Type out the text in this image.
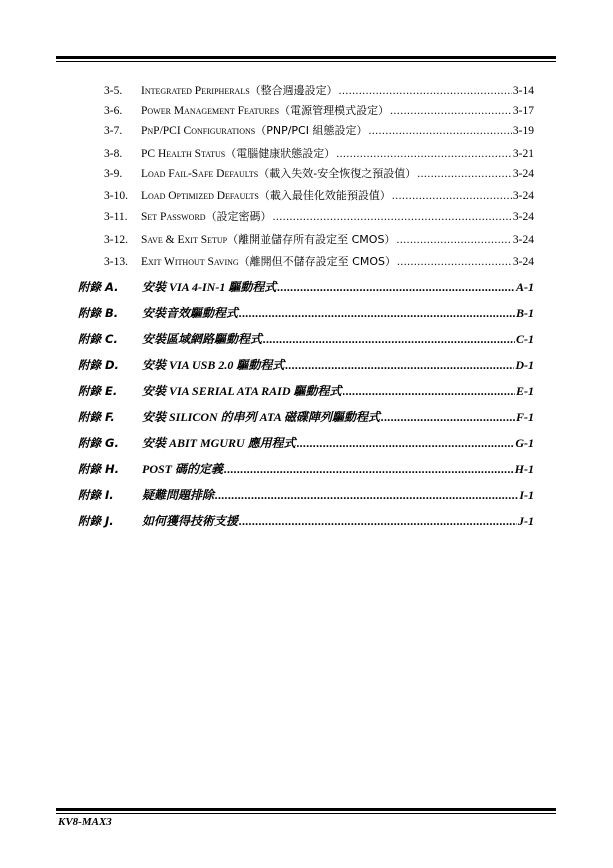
3-5. Integrated Peripherals （整合週邊設定） .....	3-14
3-6. Power Management Features （電源管理模式設定） .....	3-17
3-7. PnP/PCI Configurations （PNP/PCI 組態設定） .....	3-19
3-8. PC Health Status （電腦健康狀態設定） .....	3-21
3-9. Load Fail-Safe Defaults （載入失效-安全恢復之預設值） .....	3-24
3-10. Load Optimized Defaults （載入最佳化效能預設值） .....	3-24
3-11. Set Password （設定密碼） .....	3-24
3-12. Save & Exit Setup （離開並儲存所有設定至 CMOS） .....	3-24
3-13. Exit Without Saving （離開但不儲存設定至 CMOS） .....	3-24
附錄 A. 安裝 VIA 4-IN-1 驅動程式 .....	A-1
附錄 B. 安裝音效驅動程式 .....	B-1
附錄 C. 安裝區域網路驅動程式 .....	C-1
附錄 D. 安裝 VIA USB 2.0 驅動程式 .....	D-1
附錄 E. 安裝 VIA SERIAL ATA RAID 驅動程式 .....	E-1
附錄 F. 安裝 SILICON 的串列 ATA 磁碟陣列驅動程式 .....	F-1
附錄 G. 安裝 ABIT MGURU 應用程式 .....	G-1
附錄 H. POST 碼的定義 .....	H-1
附錄 I. 疑難問題排除 .....	I-1
附錄 J. 如何獲得技術支援 .....	J-1
KV8-MAX3
